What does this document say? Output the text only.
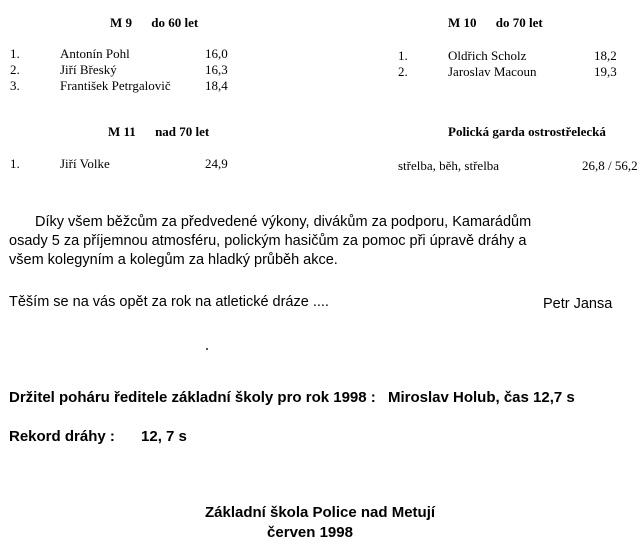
M 9 do 60 let
1.	Antonín Pohl	16,0
2.	Jiří Břeský	16,3
3.	František Petrgalovič	18,4
M 10 do 70 let
1.	Oldřich Scholz	18,2
2.	Jaroslav Macoun	19,3
M 11 nad 70 let
1.	Jiří Volke	24,9
Polická garda ostrostřelecká
střelba, běh, střelba	26,8 / 56,2
Díky všem běžcům za předvedené výkony, divákům za podporu, Kamarádům
osady 5 za příjemnou atmosféru, polickým hasičům za pomoc při úpravě dráhy a
všem kolegyním a kolegům za hladký průběh akce.
Těším se na vás opět za rok na atletické dráze ....	Petr Jansa
Držitel poháru ředitele základní školy pro rok 1998 : Miroslav Holub, čas 12,7 s
Rekord dráhy : 12, 7 s
Základní škola Police nad Metují
červen 1998
